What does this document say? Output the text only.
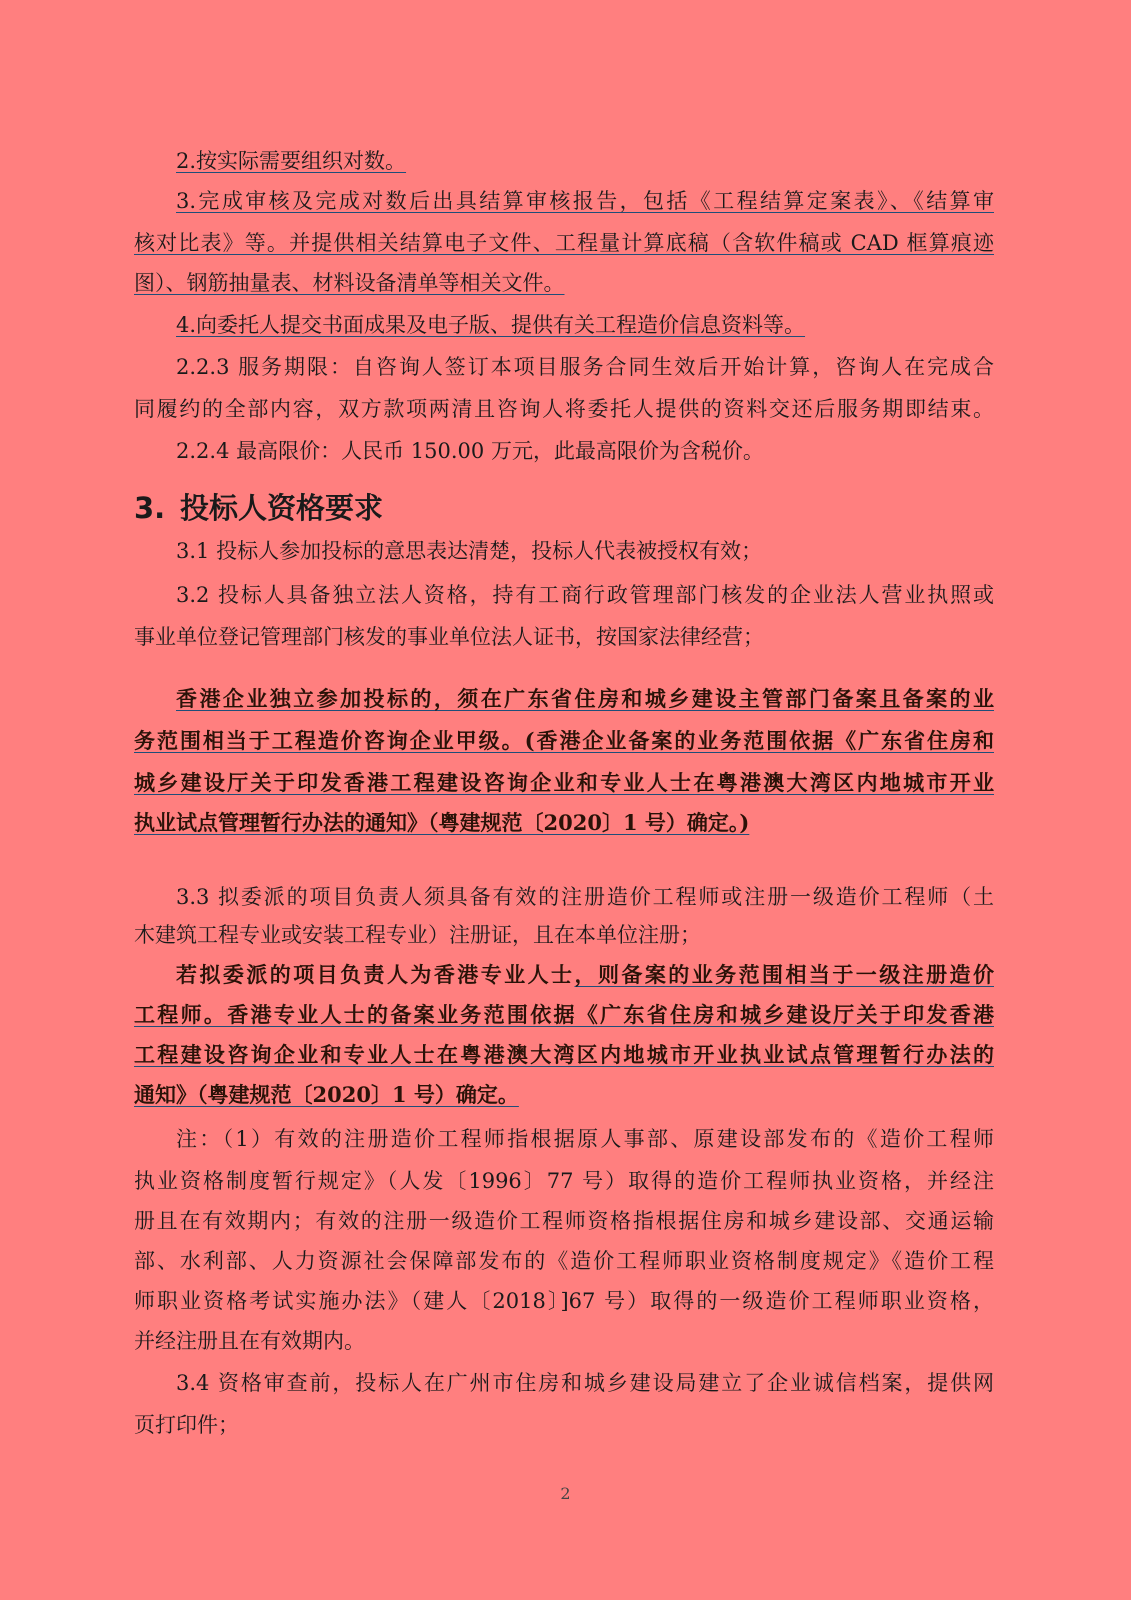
2.按实际需要组织对数。
3.完成审核及完成对数后出具结算审核报告，包括《工程结算定案表》、《结算审
核对比表》等。并提供相关结算电子文件、工程量计算底稿（含软件稿或 CAD 框算痕迹
图）、钢筋抽量表、材料设备清单等相关文件。
4.向委托人提交书面成果及电子版、提供有关工程造价信息资料等。
2.2.3 服务期限：自咨询人签订本项目服务合同生效后开始计算，咨询人在完成合
同履约的全部内容，双方款项两清且咨询人将委托人提供的资料交还后服务期即结束。
2.2.4 最高限价：人民币 150.00 万元，此最高限价为含税价。
3. 投标人资格要求
3.1 投标人参加投标的意思表达清楚，投标人代表被授权有效；
3.2 投标人具备独立法人资格，持有工商行政管理部门核发的企业法人营业执照或
事业单位登记管理部门核发的事业单位法人证书，按国家法律经营；
香港企业独立参加投标的，须在广东省住房和城乡建设主管部门备案且备案的业
务范围相当于工程造价咨询企业甲级。(香港企业备案的业务范围依据《广东省住房和
城乡建设厅关于印发香港工程建设咨询企业和专业人士在粤港澳大湾区内地城市开业
执业试点管理暂行办法的通知》（粤建规范〔2020〕1 号）确定。)
3.3 拟委派的项目负责人须具备有效的注册造价工程师或注册一级造价工程师（土
木建筑工程专业或安装工程专业）注册证，且在本单位注册；
若拟委派的项目负责人为香港专业人士，则备案的业务范围相当于一级注册造价
工程师。香港专业人士的备案业务范围依据《广东省住房和城乡建设厅关于印发香港
工程建设咨询企业和专业人士在粤港澳大湾区内地城市开业执业试点管理暂行办法的
通知》（粤建规范〔2020〕1 号）确定。
注：（1）有效的注册造价工程师指根据原人事部、原建设部发布的《造价工程师
执业资格制度暂行规定》（人发〔1996〕77 号）取得的造价工程师执业资格，并经注
册且在有效期内；有效的注册一级造价工程师资格指根据住房和城乡建设部、交通运输
部、水利部、人力资源社会保障部发布的《造价工程师职业资格制度规定》《造价工程
师职业资格考试实施办法》（建人〔2018〕]67 号）取得的一级造价工程师职业资格，
并经注册且在有效期内。
3.4 资格审查前，投标人在广州市住房和城乡建设局建立了企业诚信档案，提供网
页打印件；
2
